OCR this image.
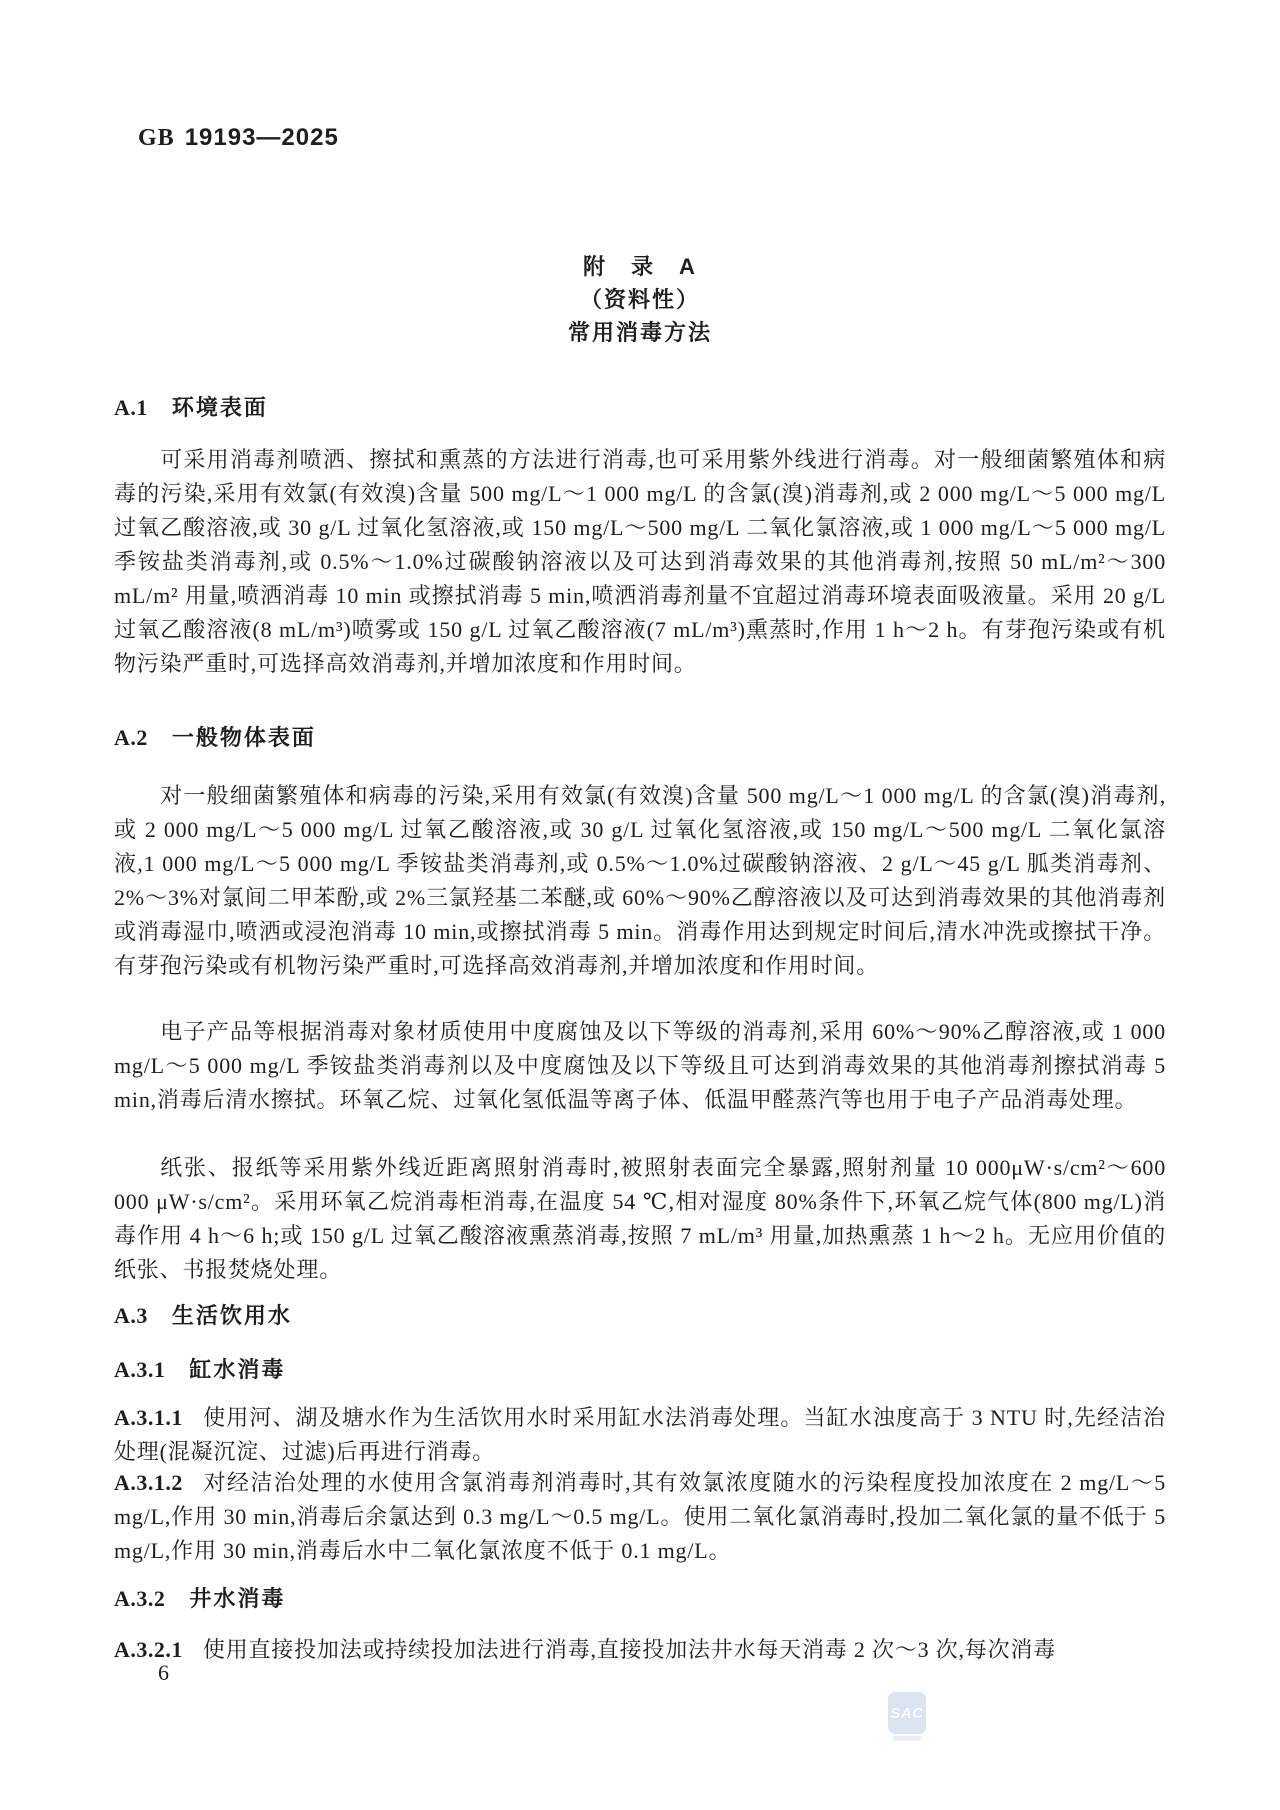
GB 19193—2025
附　录　A
（资料性）
常用消毒方法
A.1 环境表面

可采用消毒剂喷洒、擦拭和熏蒸的方法进行消毒,也可采用紫外线进行消毒。对一般细菌繁殖体和病毒的污染,采用有效氯(有效溴)含量 500 mg/L～1 000 mg/L 的含氯(溴)消毒剂,或 2 000 mg/L～5 000 mg/L 过氧乙酸溶液,或 30 g/L 过氧化氢溶液,或 150 mg/L～500 mg/L 二氧化氯溶液,或 1 000 mg/L～5 000 mg/L 季铵盐类消毒剂,或 0.5%～1.0%过碳酸钠溶液以及可达到消毒效果的其他消毒剂,按照 50 mL/m²～300 mL/m² 用量,喷洒消毒 10 min 或擦拭消毒 5 min,喷洒消毒剂量不宜超过消毒环境表面吸液量。采用 20 g/L 过氧乙酸溶液(8 mL/m³)喷雾或 150 g/L 过氧乙酸溶液(7 mL/m³)熏蒸时,作用 1 h～2 h。有芽孢污染或有机物污染严重时,可选择高效消毒剂,并增加浓度和作用时间。

A.2 一般物体表面

对一般细菌繁殖体和病毒的污染,采用有效氯(有效溴)含量 500 mg/L～1 000 mg/L 的含氯(溴)消毒剂,或 2 000 mg/L～5 000 mg/L 过氧乙酸溶液,或 30 g/L 过氧化氢溶液,或 150 mg/L～500 mg/L 二氧化氯溶液,1 000 mg/L～5 000 mg/L 季铵盐类消毒剂,或 0.5%～1.0%过碳酸钠溶液、2 g/L～45 g/L 胍类消毒剂、2%～3%对氯间二甲苯酚,或 2%三氯羟基二苯醚,或 60%～90%乙醇溶液以及可达到消毒效果的其他消毒剂或消毒湿巾,喷洒或浸泡消毒 10 min,或擦拭消毒 5 min。消毒作用达到规定时间后,清水冲洗或擦拭干净。有芽孢污染或有机物污染严重时,可选择高效消毒剂,并增加浓度和作用时间。

电子产品等根据消毒对象材质使用中度腐蚀及以下等级的消毒剂,采用 60%～90%乙醇溶液,或 1 000 mg/L～5 000 mg/L 季铵盐类消毒剂以及中度腐蚀及以下等级且可达到消毒效果的其他消毒剂擦拭消毒 5 min,消毒后清水擦拭。环氧乙烷、过氧化氢低温等离子体、低温甲醛蒸汽等也用于电子产品消毒处理。

纸张、报纸等采用紫外线近距离照射消毒时,被照射表面完全暴露,照射剂量 10 000μW·s/cm²～600 000 μW·s/cm²。采用环氧乙烷消毒柜消毒,在温度 54 ℃,相对湿度 80%条件下,环氧乙烷气体(800 mg/L)消毒作用 4 h～6 h;或 150 g/L 过氧乙酸溶液熏蒸消毒,按照 7 mL/m³ 用量,加热熏蒸 1 h～2 h。无应用价值的纸张、书报焚烧处理。

A.3 生活饮用水
A.3.1 缸水消毒

A.3.1.1 使用河、湖及塘水作为生活饮用水时采用缸水法消毒处理。当缸水浊度高于 3 NTU 时,先经洁治处理(混凝沉淀、过滤)后再进行消毒。

A.3.1.2 对经洁治处理的水使用含氯消毒剂消毒时,其有效氯浓度随水的污染程度投加浓度在 2 mg/L～5 mg/L,作用 30 min,消毒后余氯达到 0.3 mg/L～0.5 mg/L。使用二氧化氯消毒时,投加二氧化氯的量不低于 5 mg/L,作用 30 min,消毒后水中二氧化氯浓度不低于 0.1 mg/L。

A.3.2 井水消毒

A.3.2.1 使用直接投加法或持续投加法进行消毒,直接投加法井水每天消毒 2 次～3 次,每次消毒

6
SAC
